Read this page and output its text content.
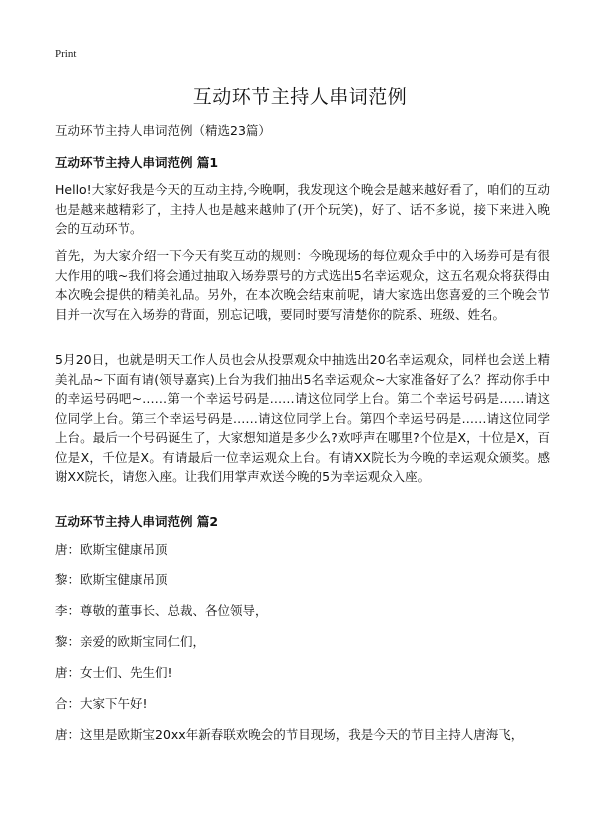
Print
互动环节主持人串词范例
互动环节主持人串词范例（精选23篇）
互动环节主持人串词范例 篇1
Hello!大家好我是今天的互动主持,今晚啊，我发现这个晚会是越来越好看了，咱们的互动也是越来越精彩了，主持人也是越来越帅了(开个玩笑)，好了、话不多说，接下来进入晚会的互动环节。
首先，为大家介绍一下今天有奖互动的规则：今晚现场的每位观众手中的入场券可是有很大作用的哦~我们将会通过抽取入场券票号的方式选出5名幸运观众，这五名观众将获得由本次晚会提供的精美礼品。另外，在本次晚会结束前呢，请大家选出您喜爱的三个晚会节目并一次写在入场券的背面，别忘记哦，要同时要写清楚你的院系、班级、姓名。
5月20日，也就是明天工作人员也会从投票观众中抽选出20名幸运观众，同样也会送上精美礼品~下面有请(领导嘉宾)上台为我们抽出5名幸运观众~大家准备好了么？挥动你手中的幸运号码吧~……第一个幸运号码是……请这位同学上台。第二个幸运号码是……请这位同学上台。第三个幸运号码是……请这位同学上台。第四个幸运号码是……请这位同学上台。最后一个号码诞生了，大家想知道是多少么?欢呼声在哪里?个位是X，十位是X，百位是X，千位是X。有请最后一位幸运观众上台。有请XX院长为今晚的幸运观众颁奖。感谢XX院长，请您入座。让我们用掌声欢送今晚的5为幸运观众入座。
互动环节主持人串词范例 篇2
唐：欧斯宝健康吊顶
黎：欧斯宝健康吊顶
李：尊敬的董事长、总裁、各位领导，
黎：亲爱的欧斯宝同仁们，
唐：女士们、先生们!
合：大家下午好!
唐：这里是欧斯宝20xx年新春联欢晚会的节目现场，我是今天的节目主持人唐海飞，
